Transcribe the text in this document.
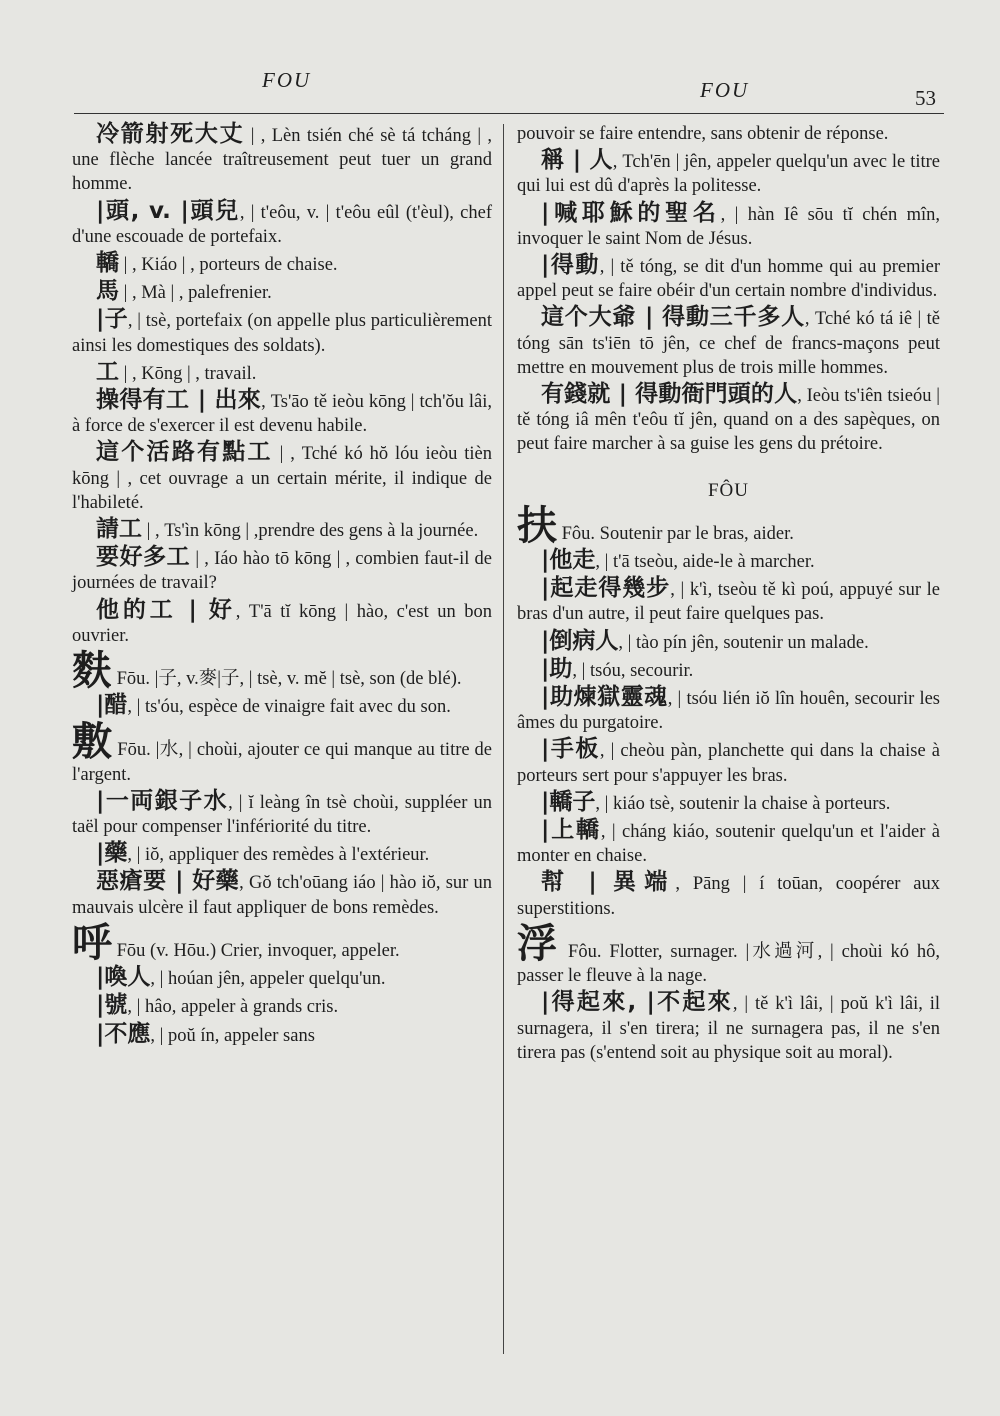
FOU	FOU	53
冷箭射死大丈 | , Lèn tsién ché sè tá tcháng | , une flèche lancée traîtreusement peut tuer un grand homme.
|頭, v. |頭兒, | t'eôu, v. | t'eôu eûl (t'èul), chef d'une escouade de portefaix.
轎 | , Kiáo | , porteurs de chaise.
馬 | , Mà | , palefrenier.
|子, | tsè, portefaix (on appelle plus particulièrement ainsi les domestiques des soldats).
工 | , Kōng | , travail.
操得有工 | 出來, Ts'āo tě ieòu kōng | tch'ŏu lâi, à force de s'exercer il est devenu habile.
這个活路有點工 | , Tché kó hŏ lóu ieòu tièn kōng | , cet ouvrage a un certain mérite, il indique de l'habileté.
請工 | , Ts'ìn kōng | ,prendre des gens à la journée.
要好多工 | , Iáo hào tō kōng | , combien faut-il de journées de travail?
他的工 | 好, T'ā tĭ kōng | hào, c'est un bon ouvrier.
麩 Fōu. |子, v.麥|子, | tsè, v. mĕ | tsè, son (de blé).
|醋, | ts'óu, espèce de vinaigre fait avec du son.
敷 Fōu. |水, | choùi, ajouter ce qui manque au titre de l'argent.
|一両銀子水, | ĭ leàng în tsè choùi, suppléer un taël pour compenser l'infériorité du titre.
|藥, | iŏ, appliquer des remèdes à l'extérieur.
惡瘡要 | 好藥, Gŏ tch'oūang iáo | hào iŏ, sur un mauvais ulcère il faut appliquer de bons remèdes.
呼 Fōu (v. Hōu.) Crier, invoquer, appeler.
|喚人, | hoúan jên, appeler quelqu'un.
|號, | hâo, appeler à grands cris.
|不應, | poŭ ín, appeler sans
pouvoir se faire entendre, sans obtenir de réponse.
稱 | 人, Tch'ēn | jên, appeler quelqu'un avec le titre qui lui est dû d'après la politesse.
|喊耶穌的聖名, | hàn Iê sōu tĭ chén mîn, invoquer le saint Nom de Jésus.
|得動, | tě tóng, se dit d'un homme qui au premier appel peut se faire obéir d'un certain nombre d'individus.
這个大爺 | 得動三千多人, Tché kó tá iê | tě tóng sān ts'iēn tō jên, ce chef de francs-maçons peut mettre en mouvement plus de trois mille hommes.
有錢就 | 得動衙門頭的人, Ieòu ts'iên tsieóu | tě tóng iâ mên t'eôu tĭ jên, quand on a des sapèques, on peut faire marcher à sa guise les gens du prétoire.
FÔU
扶 Fôu. Soutenir par le bras, aider.
|他走, | t'ā tseòu, aide-le à marcher.
|起走得幾步, | k'ì, tseòu tě kì poú, appuyé sur le bras d'un autre, il peut faire quelques pas.
|倒病人, | tào pín jên, soutenir un malade.
|助, | tsóu, secourir.
|助煉獄靈魂, | tsóu lién iŏ lîn houên, secourir les âmes du purgatoire.
|手板, | cheòu pàn, planchette qui dans la chaise à porteurs sert pour s'appuyer les bras.
|轎子, | kiáo tsè, soutenir la chaise à porteurs.
|上轎, | cháng kiáo, soutenir quelqu'un et l'aider à monter en chaise.
幇 | 異端, Pāng | í toūan, coopérer aux superstitions.
浮 Fôu. Flotter, surnager. |水過河, | choùi kó hô, passer le fleuve à la nage.
|得起來, |不起來, | tě k'ì lâi, | poŭ k'ì lâi, il surnagera, il s'en tirera; il ne surnagera pas, il ne s'en tirera pas (s'entend soit au physique soit au moral).
